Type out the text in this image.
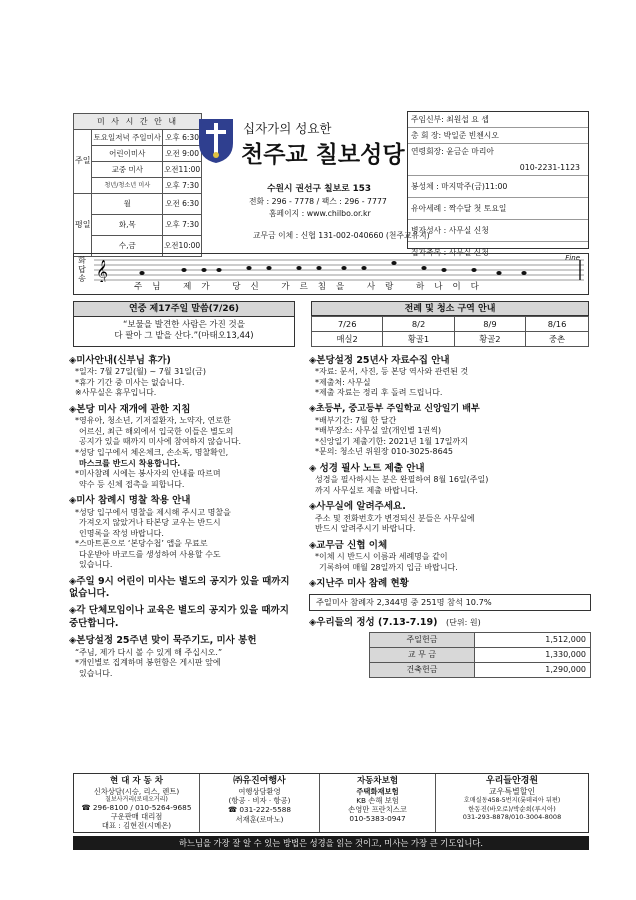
미 사 시 간 안 내		
주일	토요일저녁 주일미사	오후 6:30
	어린이미사	오전 9:00
	교중 미사	오전11:00
	청년/청소년 미사	오후 7:30
평일	월	오전 6:30
	화,목	오후 7:30
	수,금	오전10:00
십자가의 성요한
천주교 칠보성당
수원시 권선구 칠보로 153
전화 : 296 - 7778 / 팩스 : 296 - 7777
홈페이지 : www.chilbo.or.kr
교무금 이체 : 신협 131-002-040660 (천주교유지)
주임신부: 최원섭 요 셉
총 회 장: 박일준 빈첸시오
연령회장: 윤금순 마리아
010-2231-1123
봉성체 : 마지막주(금)11:00
유아세례 : 짝수달 첫 토요일
병자성사 : 사무실 신청
집자축복 : 사무실 신청
화답송 𝄞
Fine
주님 제가 당신 가르침을 사랑 하나이다
연중 제17주일 말씀(7/26)
“보물을 발견한 사람은 가진 것을
다 팔아 그 밭을 산다.”(마태오13,44)
전례 및 청소 구역 안내
7/26	8/2	8/9	8/16
매실2	황골1	황골2	중촌
◈미사안내(신부님 휴가)
*일자: 7월 27일(월) ~ 7월 31일(금)
*휴가 기간 중 미사는 없습니다.
※사무실은 휴무입니다.
◈본당 미사 재개에 관한 지침
*영유아, 청소년, 기저질환자, 노약자, 연로한
어르신, 최근 해외에서 입국한 이들은 별도의
공지가 있을 때까지 미사에 참여하지 않습니다.
*성당 입구에서 체온체크, 손소독, 명찰확인,
마스크를 반드시 착용합니다.
*미사참례 시에는 봉사자의 안내를 따르며
약수 등 신체 접촉을 피합니다.
◈미사 참례시 명찰 착용 안내
*성당 입구에서 명찰을 제시해 주시고 명찰을
가져오지 않았거나 타본당 교우는 반드시
인명록을 작성 바랍니다.
*스마트폰으로 ‘본당수첩’ 앱을 무료로
다운받아 바코드를 생성하여 사용할 수도
있습니다.
◈주일 9시 어린이 미사는 별도의 공지가 있을 때까지 없습니다.
◈각 단체모임이나 교육은 별도의 공지가 있을 때까지 중단합니다.
◈본당설정 25주년 맞이 묵주기도, 미사 봉헌
“주님, 제가 다시 볼 수 있게 해 주십시오.”
*개인별로 집계하며 봉헌함은 게시판 앞에
있습니다.
◈본당설정 25년사 자료수집 안내
*자료: 문서, 사진, 등 본당 역사와 관련된 것
*제출처: 사무실
*제출 자료는 정리 후 돌려 드립니다.
◈초등부, 중고등부 주일학교 신앙일기 배부
*배부기간: 7월 한 달간
*배부장소: 사무실 앞(개인별 1권씩)
*신앙일기 제출기한: 2021년 1월 17일까지
*문의: 청소년 위원장 010-3025-8645
◈ 성경 필사 노트 제출 안내
성경을 필사하시는 분은 완필하여 8월 16일(주일)
까지 사무실로 제출 바랍니다.
◈사무실에 알려주세요.
주소 및 전화번호가 변경되신 분들은 사무실에
반드시 알려주시기 바랍니다.
◈교무금 신협 이체
*이체 시 반드시 이름과 세례명을 같이
기록하여 매월 28일까지 입금 바랍니다.
◈지난주 미사 참례 현황
주일미사 참례자 2,344명 중 251명 참석 10.7%
◈우리들의 정성 (7.13-7.19) (단위: 원)
주일헌금	1,512,000
교 무 금	1,330,000
건축헌금	1,290,000
현 대 자 동 차
신차상담(시승, 리스, 렌트)
칠보사거리(로데오거리)
☎ 296-8100 / 010-5264-9685
구운판매 대리점
대표 : 김현진(시메온)
㈜유진여행사
여행상담환영
(항공 · 비자 · 항공)
☎ 031-222-5588
서재훈(로마노)
자동차보험
주택화재보험
KB 손해 보험
손영만 프란치스코
010-5383-0947
우리들안경원
교우특별할인
호매실동458-5번지(롯데리아 뒤편)
한동진(바오로)/박순희(루시아)
031-293-8878/010-3004-8008
하느님을 가장 잘 알 수 있는 방법은 성경을 읽는 것이고, 미사는 가장 큰 기도입니다.
